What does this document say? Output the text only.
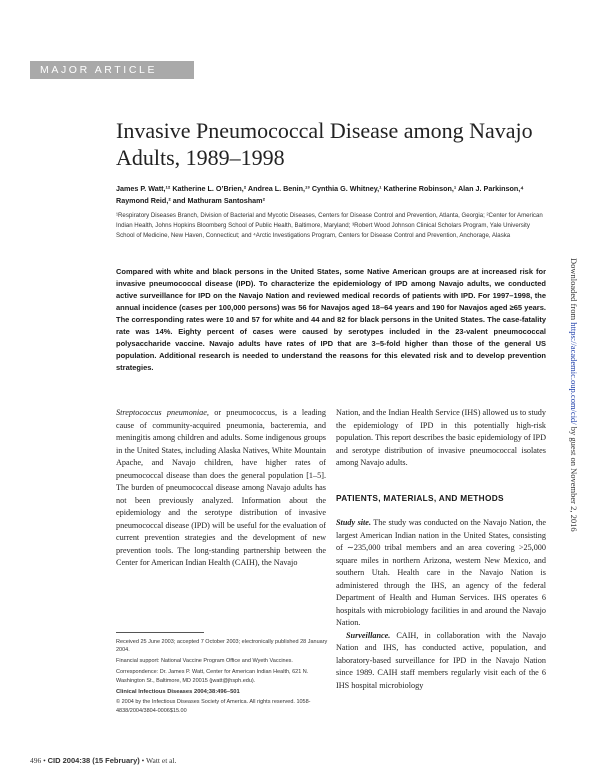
MAJOR ARTICLE
Invasive Pneumococcal Disease among Navajo Adults, 1989–1998
James P. Watt,¹² Katherine L. O’Brien,² Andrea L. Benin,¹³ Cynthia G. Whitney,¹ Katherine Robinson,¹ Alan J. Parkinson,⁴ Raymond Reid,² and Mathuram Santosham²
¹Respiratory Diseases Branch, Division of Bacterial and Mycotic Diseases, Centers for Disease Control and Prevention, Atlanta, Georgia; ²Center for American Indian Health, Johns Hopkins Bloomberg School of Public Health, Baltimore, Maryland; ³Robert Wood Johnson Clinical Scholars Program, Yale University School of Medicine, New Haven, Connecticut; and ⁴Arctic Investigations Program, Centers for Disease Control and Prevention, Anchorage, Alaska
Compared with white and black persons in the United States, some Native American groups are at increased risk for invasive pneumococcal disease (IPD). To characterize the epidemiology of IPD among Navajo adults, we conducted active surveillance for IPD on the Navajo Nation and reviewed medical records of patients with IPD. For 1997–1998, the annual incidence (cases per 100,000 persons) was 56 for Navajos aged 18–64 years and 190 for Navajos aged ≥65 years. The corresponding rates were 10 and 57 for white and 44 and 82 for black persons in the United States. The case-fatality rate was 14%. Eighty percent of cases were caused by serotypes included in the 23-valent pneumococcal polysaccharide vaccine. Navajo adults have rates of IPD that are 3–5-fold higher than those of the general US population. Additional research is needed to understand the reasons for this elevated risk and to develop prevention strategies.

Streptococcus pneumoniae, or pneumococcus, is a leading cause of community-acquired pneumonia, bacteremia, and meningitis among children and adults. Some indigenous groups in the United States, including Alaska Natives, White Mountain Apache, and Navajo children, have higher rates of pneumococcal disease than does the general population [1–5]. The burden of pneumococcal disease among Navajo adults has not been previously analyzed. Information about the epidemiology and the serotype distribution of invasive pneumococcal disease (IPD) will be useful for the evaluation of current prevention strategies and the development of new prevention tools. The long-standing partnership between the Center for American Indian Health (CAIH), the Navajo

Nation, and the Indian Health Service (IHS) allowed us to study the epidemiology of IPD in this potentially high-risk population. This report describes the basic epidemiology of IPD and serotype distribution of invasive pneumococcal isolates among Navajo adults.

PATIENTS, MATERIALS, AND METHODS

Study site. The study was conducted on the Navajo Nation, the largest American Indian nation in the United States, consisting of ∼235,000 tribal members and an area covering >25,000 square miles in northern Arizona, western New Mexico, and southern Utah. Health care in the Navajo Nation is administered through the IHS, an agency of the federal Department of Health and Human Services. IHS operates 6 hospitals with microbiology facilities in and around the Navajo Nation.

Surveillance. CAIH, in collaboration with the Navajo Nation and IHS, has conducted active, population, and laboratory-based surveillance for IPD in the Navajo Nation since 1989. CAIH staff members regularly visit each of the 6 IHS hospital microbiology

Received 25 June 2003; accepted 7 October 2003; electronically published 28 January 2004.

Financial support: National Vaccine Program Office and Wyeth Vaccines.

Correspondence: Dr. James P. Watt, Center for American Indian Health, 621 N. Washington St., Baltimore, MD 20015 (jwatt@jhsph.edu).

Clinical Infectious Diseases 2004;38:496–501

© 2004 by the Infectious Diseases Society of America. All rights reserved. 1058-4838/2004/3804-0006$15.00

496 • CID 2004:38 (15 February) • Watt et al.
Downloaded from https://academic.oup.com/cid/ by guest on November 2, 2016
